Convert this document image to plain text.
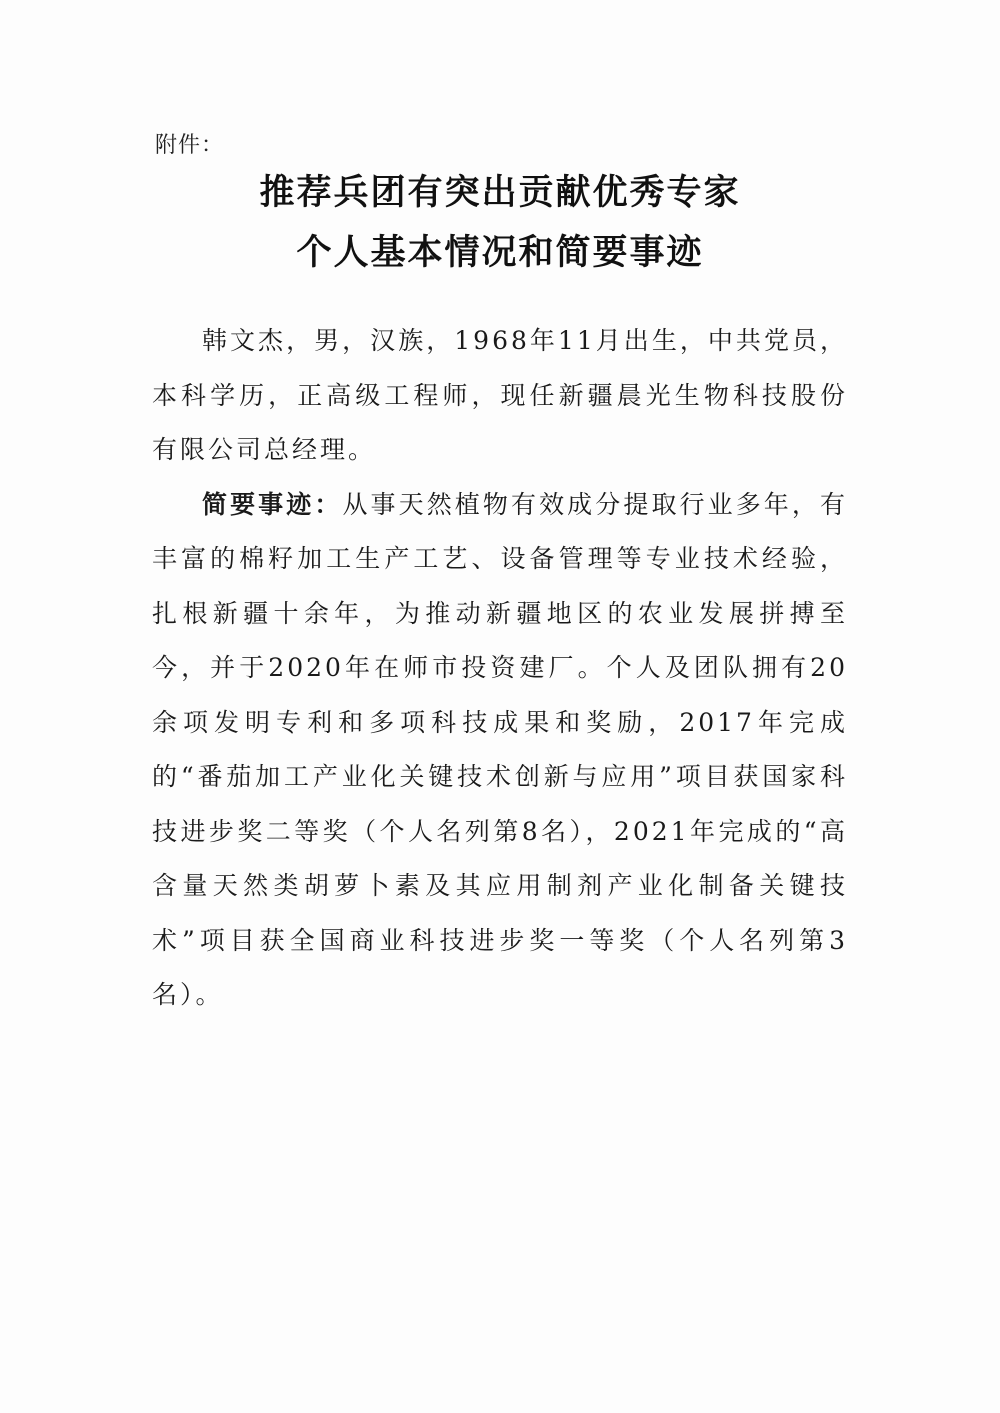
附件：
推荐兵团有突出贡献优秀专家
个人基本情况和简要事迹

韩文杰，男，汉族，1968年11月出生，中共党员，本科学历，正高级工程师，现任新疆晨光生物科技股份有限公司总经理。

简要事迹：从事天然植物有效成分提取行业多年，有丰富的棉籽加工生产工艺、设备管理等专业技术经验，扎根新疆十余年，为推动新疆地区的农业发展拼搏至今，并于2020年在师市投资建厂。个人及团队拥有20余项发明专利和多项科技成果和奖励，2017年完成的“番茄加工产业化关键技术创新与应用”项目获国家科技进步奖二等奖（个人名列第8名），2021年完成的“高含量天然类胡萝卜素及其应用制剂产业化制备关键技术”项目获全国商业科技进步奖一等奖（个人名列第3名）。
